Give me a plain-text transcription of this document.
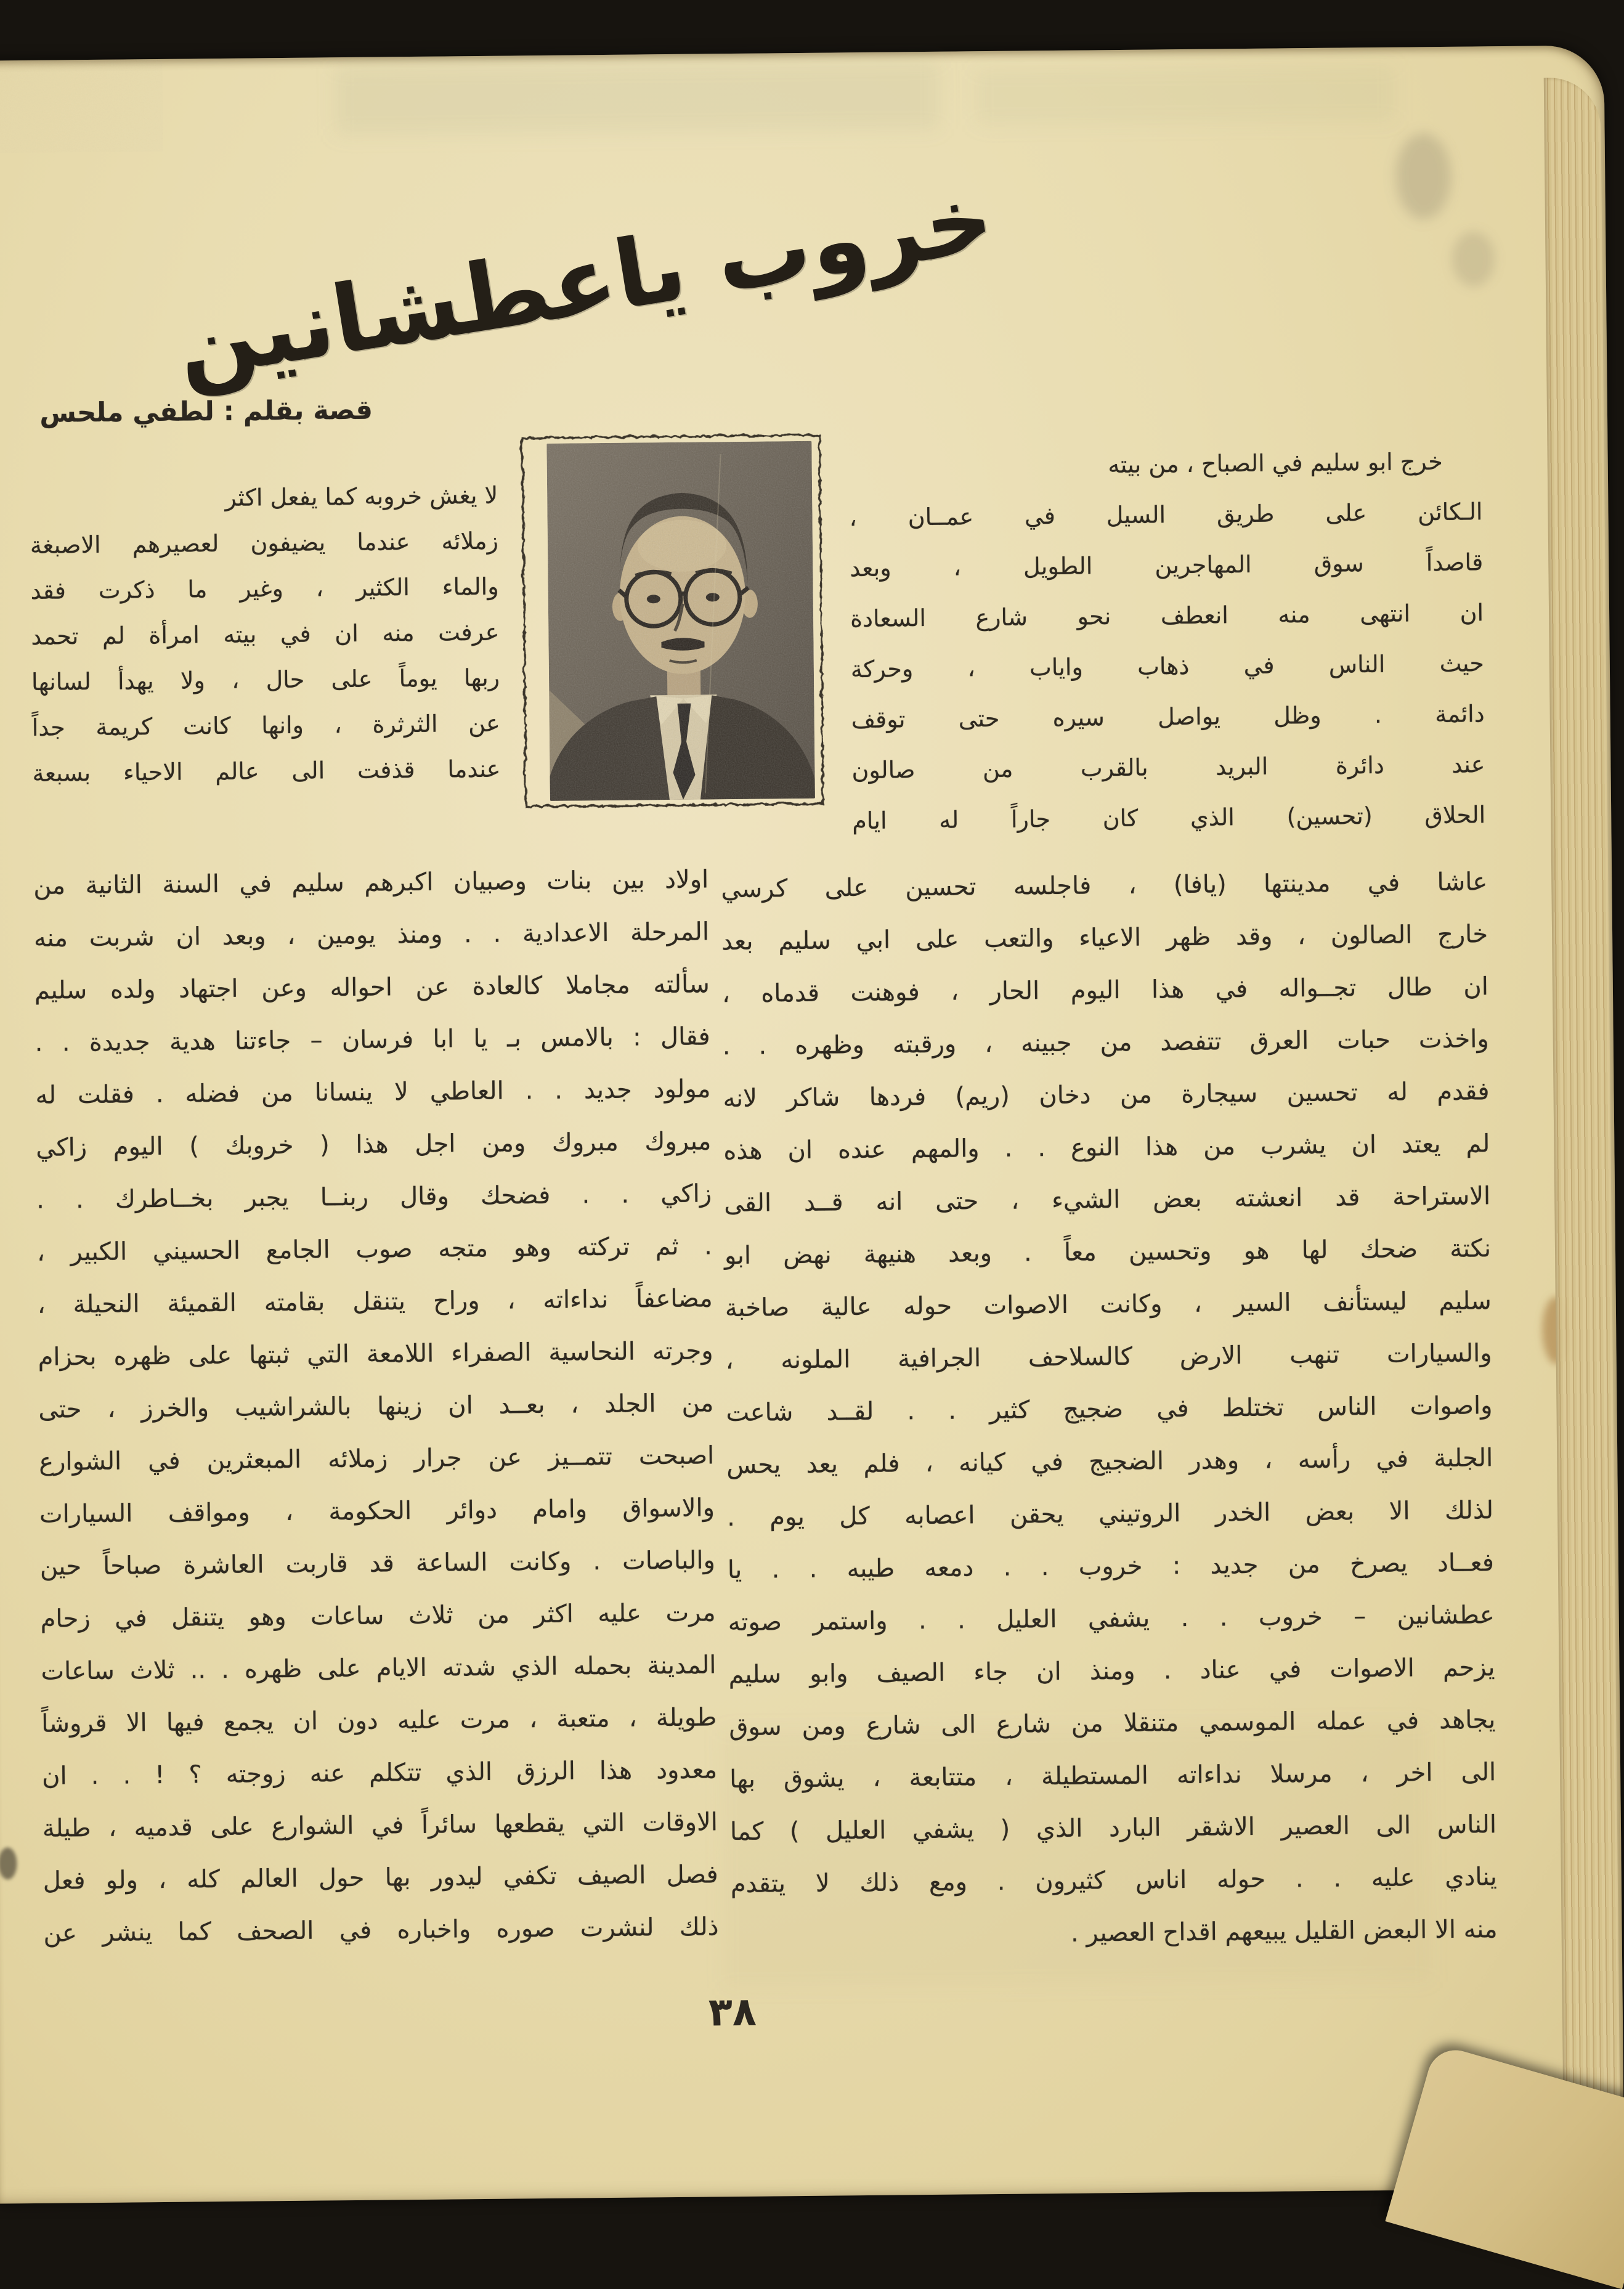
خروب ياعطشانين
قصة بقلم : لطفي ملحس
خرج ابو سليم في الصباح ، من بيته
الـكائن على طريق السيل في عمــان ،
قاصداً سوق المهاجرين الطويل ، وبعد
ان انتهى منه انعطف نحو شارع السعادة
حيث الناس في ذهاب واياب ، وحركة
دائمة . وظل يواصل سيره حتى توقف
عند دائرة البريد بالقرب من صالون
الحلاق (تحسين) الذي كان جاراً له ايام
عاشا في مدينتها (يافا) ، فاجلسه تحسين على كرسي
خارج الصالون ، وقد ظهر الاعياء والتعب على ابي سليم بعد
ان طال تجــواله في هذا اليوم الحار ، فوهنت قدماه ،
واخذت حبات العرق تتفصد من جبينه ، ورقبته وظهره . .
فقدم له تحسين سيجارة من دخان (ريم) فردها شاكر لانه
لم يعتد ان يشرب من هذا النوع . . والمهم عنده ان هذه
الاستراحة قد انعشته بعض الشيء ، حتى انه قــد القى
نكتة ضحك لها هو وتحسين معاً . وبعد هنيهة نهض ابو
سليم ليستأنف السير ، وكانت الاصوات حوله عالية صاخبة
والسيارات تنهب الارض كالسلاحف الجرافية الملونه ،
واصوات الناس تختلط في ضجيج كثير . . لقــد شاعت
الجلبة في رأسه ، وهدر الضجيج في كيانه ، فلم يعد يحس
لذلك الا بعض الخدر الروتيني يحقن اعصابه كل يوم .
فعــاد يصرخ من جديد : خروب . . دمعه طيبه . . يا
عطشانين – خروب . . يشفي العليل . . واستمر صوته
يزحم الاصوات في عناد . ومنذ ان جاء الصيف وابو سليم
يجاهد في عمله الموسمي متنقلا من شارع الى شارع ومن سوق
الى اخر ، مرسلا نداءاته المستطيلة ، متتابعة ، يشوق بها
الناس الى العصير الاشقر البارد الذي ( يشفي العليل ) كما
ينادي عليه . . حوله اناس كثيرون . ومع ذلك لا يتقدم
منه الا البعض القليل يبيعهم اقداح العصير .
لا يغش خروبه كما يفعل اكثر
زملائه عندما يضيفون لعصيرهم الاصبغة
والماء الكثير ، وغير ما ذكرت فقد
عرفت منه ان في بيته امرأة لم تحمد
ربها يوماً على حال ، ولا يهدأ لسانها
عن الثرثرة ، وانها كانت كريمة جداً
عندما قذفت الى عالم الاحياء بسبعة
اولاد بين بنات وصبيان اكبرهم سليم في السنة الثانية من
المرحلة الاعدادية . . ومنذ يومين ، وبعد ان شربت منه
سألته مجاملا كالعادة عن احواله وعن اجتهاد ولده سليم
فقال : بالامس بـ يا ابا فرسان – جاءتنا هدية جديدة . .
مولود جديد . . العاطي لا ينسانا من فضله . فقلت له
مبروك مبروك ومن اجل هذا ( خروبك ) اليوم زاكي
زاكي . . فضحك وقال ربنــا يجبر بخــاطرك . .
. ثم تركته وهو متجه صوب الجامع الحسيني الكبير ،
مضاعفاً نداءاته ، وراح يتنقل بقامته القميئة النحيلة ،
وجرته النحاسية الصفراء اللامعة التي ثبتها على ظهره بحزام
من الجلد ، بعــد ان زينها بالشراشيب والخرز ، حتى
اصبحت تتمــيز عن جرار زملائه المبعثرين في الشوارع
والاسواق وامام دوائر الحكومة ، ومواقف السيارات
والباصات . وكانت الساعة قد قاربت العاشرة صباحاً حين
مرت عليه اكثر من ثلاث ساعات وهو يتنقل في زحام
المدينة بحمله الذي شدته الايام على ظهره . .. ثلاث ساعات
طويلة ، متعبة ، مرت عليه دون ان يجمع فيها الا قروشاً
معدود هذا الرزق الذي تتكلم عنه زوجته ؟ ! . . ان
الاوقات التي يقطعها سائراً في الشوارع على قدميه ، طيلة
فصل الصيف تكفي ليدور بها حول العالم كله ، ولو فعل
ذلك لنشرت صوره واخباره في الصحف كما ينشر عن
٣٨
